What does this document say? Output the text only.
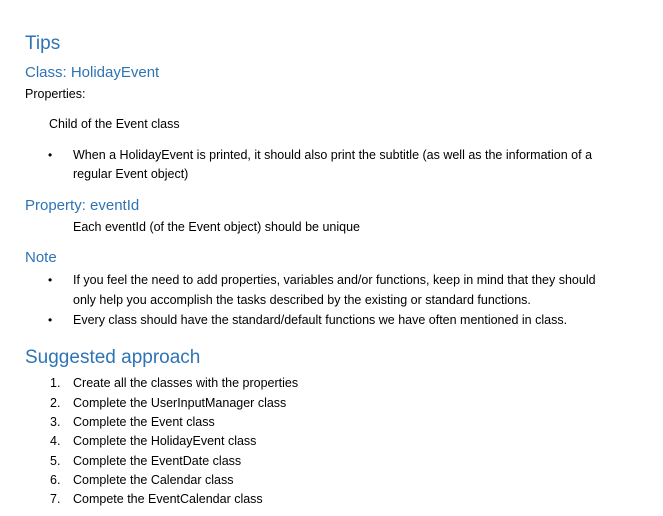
Tips
Class: HolidayEvent
Properties:
Child of the Event class
• When a HolidayEvent is printed, it should also print the subtitle (as well as the information of a
regular Event object)
Property: eventId
Each eventId (of the Event object) should be unique
Note
• If you feel the need to add properties, variables and/or functions, keep in mind that they should
only help you accomplish the tasks described by the existing or standard functions.
• Every class should have the standard/default functions we have often mentioned in class.
Suggested approach
1. Create all the classes with the properties
2. Complete the UserInputManager class
3. Complete the Event class
4. Complete the HolidayEvent class
5. Complete the EventDate class
6. Complete the Calendar class
7. Compete the EventCalendar class
